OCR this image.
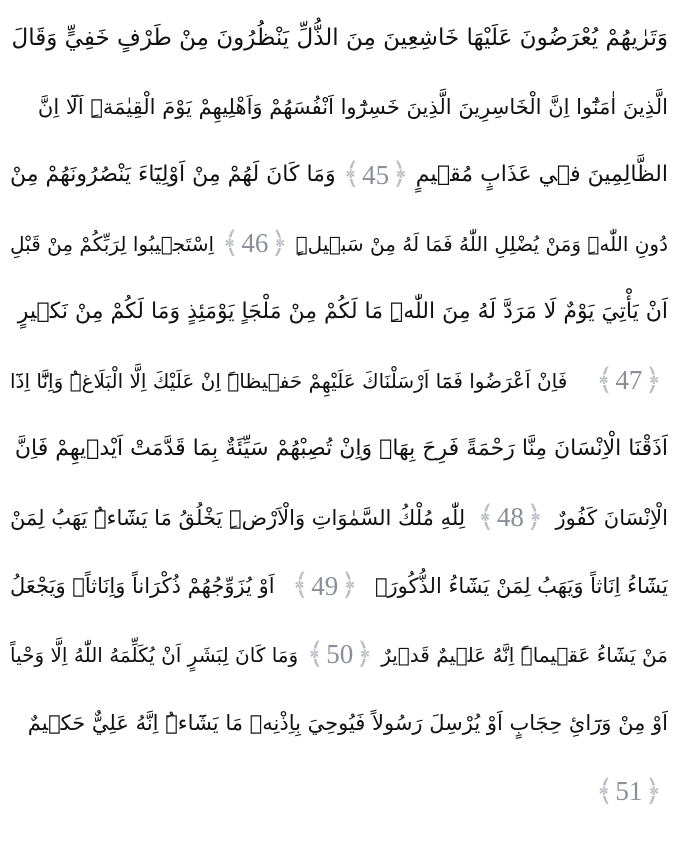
وَتَرٰيهُمْ يُعْرَضُونَ عَلَيْهَا خَاشِعِينَ مِنَ الذُّلِّ يَنْظُرُونَ مِنْ طَرْفٍ خَفِيٍّ وَقَالَ
الَّذِينَ اٰمَنُٓوا اِنَّ الْخَاسِرِينَ الَّذِينَ خَسِرُٓوا اَنْفُسَهُمْ وَاَهْلِيهِمْ يَوْمَ الْقِيٰمَةِۜ اَلَٓا اِنَّ
الظَّالِمِينَ فٖي عَذَابٍ مُقٖيمٍ
﴾ 45 ﴿
وَمَا كَانَ لَهُمْ مِنْ اَوْلِيَٓاءَ يَنْصُرُونَهُمْ مِنْ
دُونِ اللّٰهِۜ وَمَنْ يُضْلِلِ اللّٰهُ فَمَا لَهُ مِنْ سَبٖيلٍۜ
﴾ 46 ﴿
اِسْتَجٖيبُوا لِرَبِّكُمْ مِنْ قَبْلِ
اَنْ يَأْتِيَ يَوْمٌ لَا مَرَدَّ لَهُ مِنَ اللّٰهِۜ مَا لَكُمْ مِنْ مَلْجَاٍ يَوْمَئِذٍ وَمَا لَكُمْ مِنْ نَكٖيرٍ
﴾ 47 ﴿
فَاِنْ اَعْرَضُوا فَمَٓا اَرْسَلْنَاكَ عَلَيْهِمْ حَفٖيظاًۜ اِنْ عَلَيْكَ اِلَّا الْبَلَاغُۜ وَاِنَّٓا اِذَٓا
اَذَقْنَا الْاِنْسَانَ مِنَّا رَحْمَةً فَرِحَ بِهَاۚ وَاِنْ تُصِبْهُمْ سَيِّئَةٌ بِمَا قَدَّمَتْ اَيْدٖيهِمْ فَاِنَّ
الْاِنْسَانَ كَفُورٌ
﴾ 48 ﴿
لِلّٰهِ مُلْكُ السَّمٰوَاتِ وَالْاَرْضِۜ يَخْلُقُ مَا يَشَٓاءُۜ يَهَبُ لِمَنْ
يَشَٓاءُ اِنَاثاً وَيَهَبُ لِمَنْ يَشَٓاءُ الذُّكُورَۙ
﴾ 49 ﴿
اَوْ يُزَوِّجُهُمْ ذُكْرَاناً وَاِنَاثاًۚ وَيَجْعَلُ
مَنْ يَشَٓاءُ عَقٖيماًۜ اِنَّهُ عَلٖيمٌ قَدٖيرٌ
﴾ 50 ﴿
وَمَا كَانَ لِبَشَرٍ اَنْ يُكَلِّمَهُ اللّٰهُ اِلَّا وَحْياً
اَوْ مِنْ وَرَٓائِ حِجَابٍ اَوْ يُرْسِلَ رَسُولاً فَيُوحِيَ بِاِذْنِهٖ مَا يَشَٓاءُۜ اِنَّهُ عَلِيٌّ حَكٖيمٌ
﴾ 51 ﴿
